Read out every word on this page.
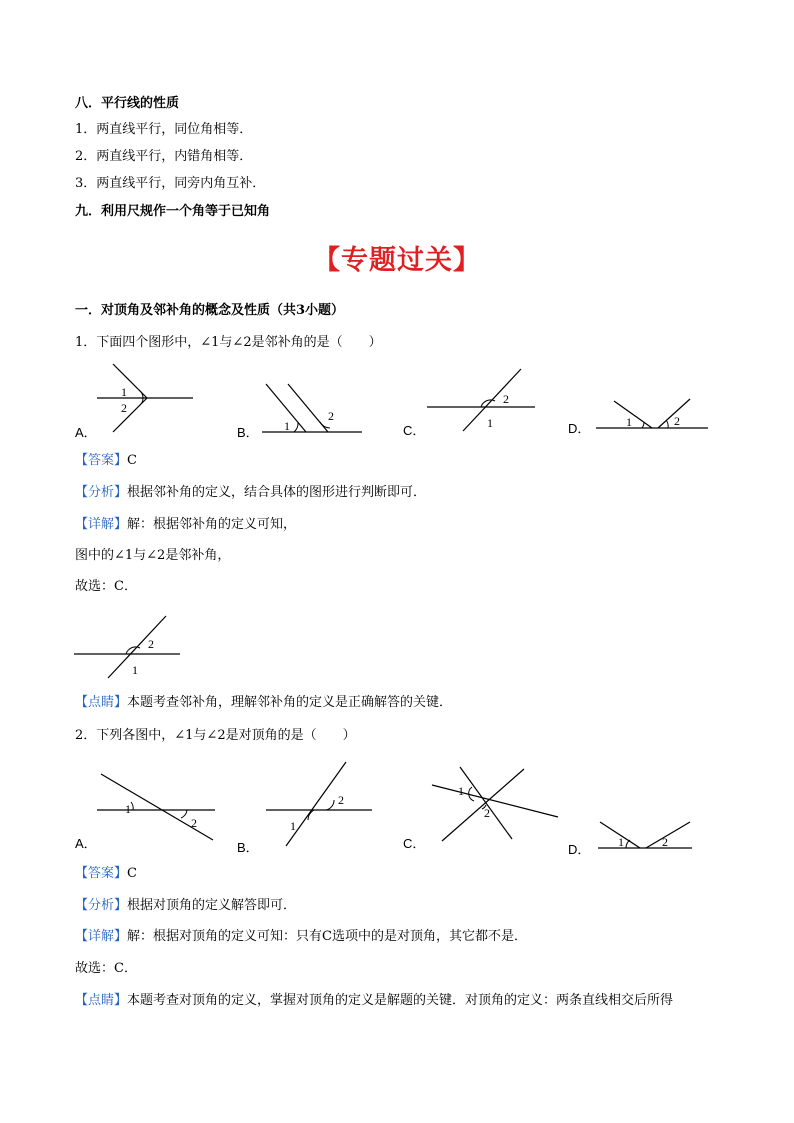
八．平行线的性质
1．两直线平行，同位角相等．
2．两直线平行，内错角相等．
3．两直线平行，同旁内角互补．
九．利用尺规作一个角等于已知角
【专题过关】
一．对顶角及邻补角的概念及性质（共3小题）
1．下面四个图形中，∠1与∠2是邻补角的是（　　）
A．
1
2
B． 1
2
C．
2
1	D．	1	2
【答案】C
【分析】根据邻补角的定义，结合具体的图形进行判断即可．
【详解】解：根据邻补角的定义可知，
图中的∠1与∠2是邻补角，
故选：C．
2
1
【点睛】本题考查邻补角，理解邻补角的定义是正确解答的关键．
2．下列各图中，∠1与∠2是对顶角的是（　　）
A．
1
2
B．
1
2
C．
1
2
D． 1	2
【答案】C
【分析】根据对顶角的定义解答即可．
【详解】解：根据对顶角的定义可知：只有C选项中的是对顶角，其它都不是．
故选：C．
【点睛】本题考查对顶角的定义，掌握对顶角的定义是解题的关键．对顶角的定义：两条直线相交后所得
